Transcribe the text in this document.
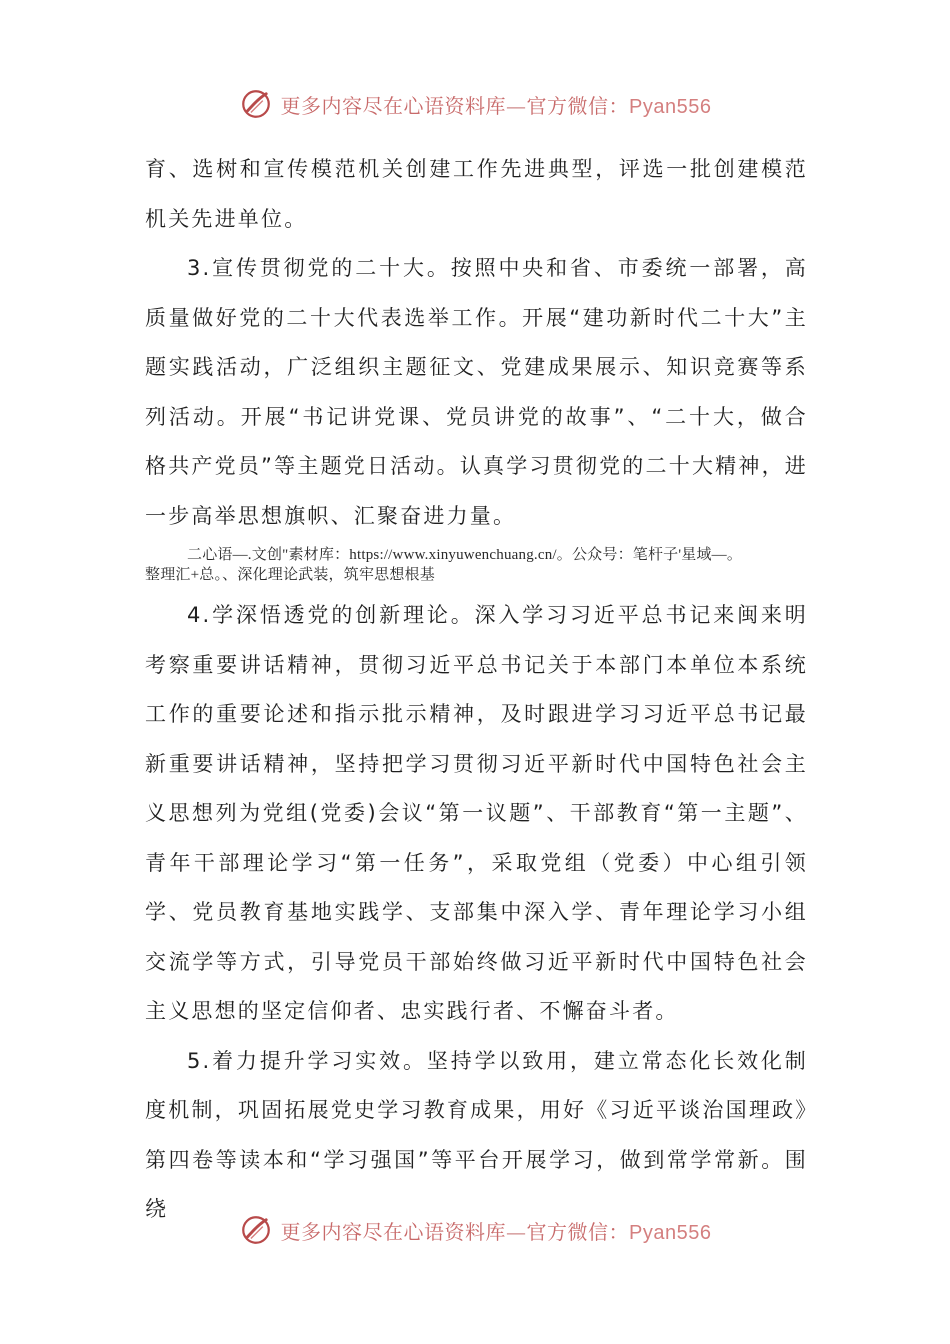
更多内容尽在心语资料库—官方微信：Pyan556

育、选树和宣传模范机关创建工作先进典型，评选一批创建模范机关先进单位。

3.宣传贯彻党的二十大。按照中央和省、市委统一部署，高质量做好党的二十大代表选举工作。开展“建功新时代二十大”主题实践活动，广泛组织主题征文、党建成果展示、知识竞赛等系列活动。开展“书记讲党课、党员讲党的故事”、“二十大，做合格共产党员”等主题党日活动。认真学习贯彻党的二十大精神，进一步高举思想旗帜、汇聚奋进力量。

二心语—.文创"素材库：https://www.xinyuwenchuang.cn/。公众号：笔杆子'星域—。
整理汇+总。、深化理论武装，筑牢思想根基

4.学深悟透党的创新理论。深入学习习近平总书记来闽来明考察重要讲话精神，贯彻习近平总书记关于本部门本单位本系统工作的重要论述和指示批示精神，及时跟进学习习近平总书记最新重要讲话精神，坚持把学习贯彻习近平新时代中国特色社会主义思想列为党组(党委)会议“第一议题”、干部教育“第一主题”、青年干部理论学习“第一任务”，采取党组（党委）中心组引领学、党员教育基地实践学、支部集中深入学、青年理论学习小组交流学等方式，引导党员干部始终做习近平新时代中国特色社会主义思想的坚定信仰者、忠实践行者、不懈奋斗者。

5.着力提升学习实效。坚持学以致用，建立常态化长效化制度机制，巩固拓展党史学习教育成果，用好《习近平谈治国理政》第四卷等读本和“学习强国”等平台开展学习，做到常学常新。围绕

更多内容尽在心语资料库—官方微信：Pyan556
